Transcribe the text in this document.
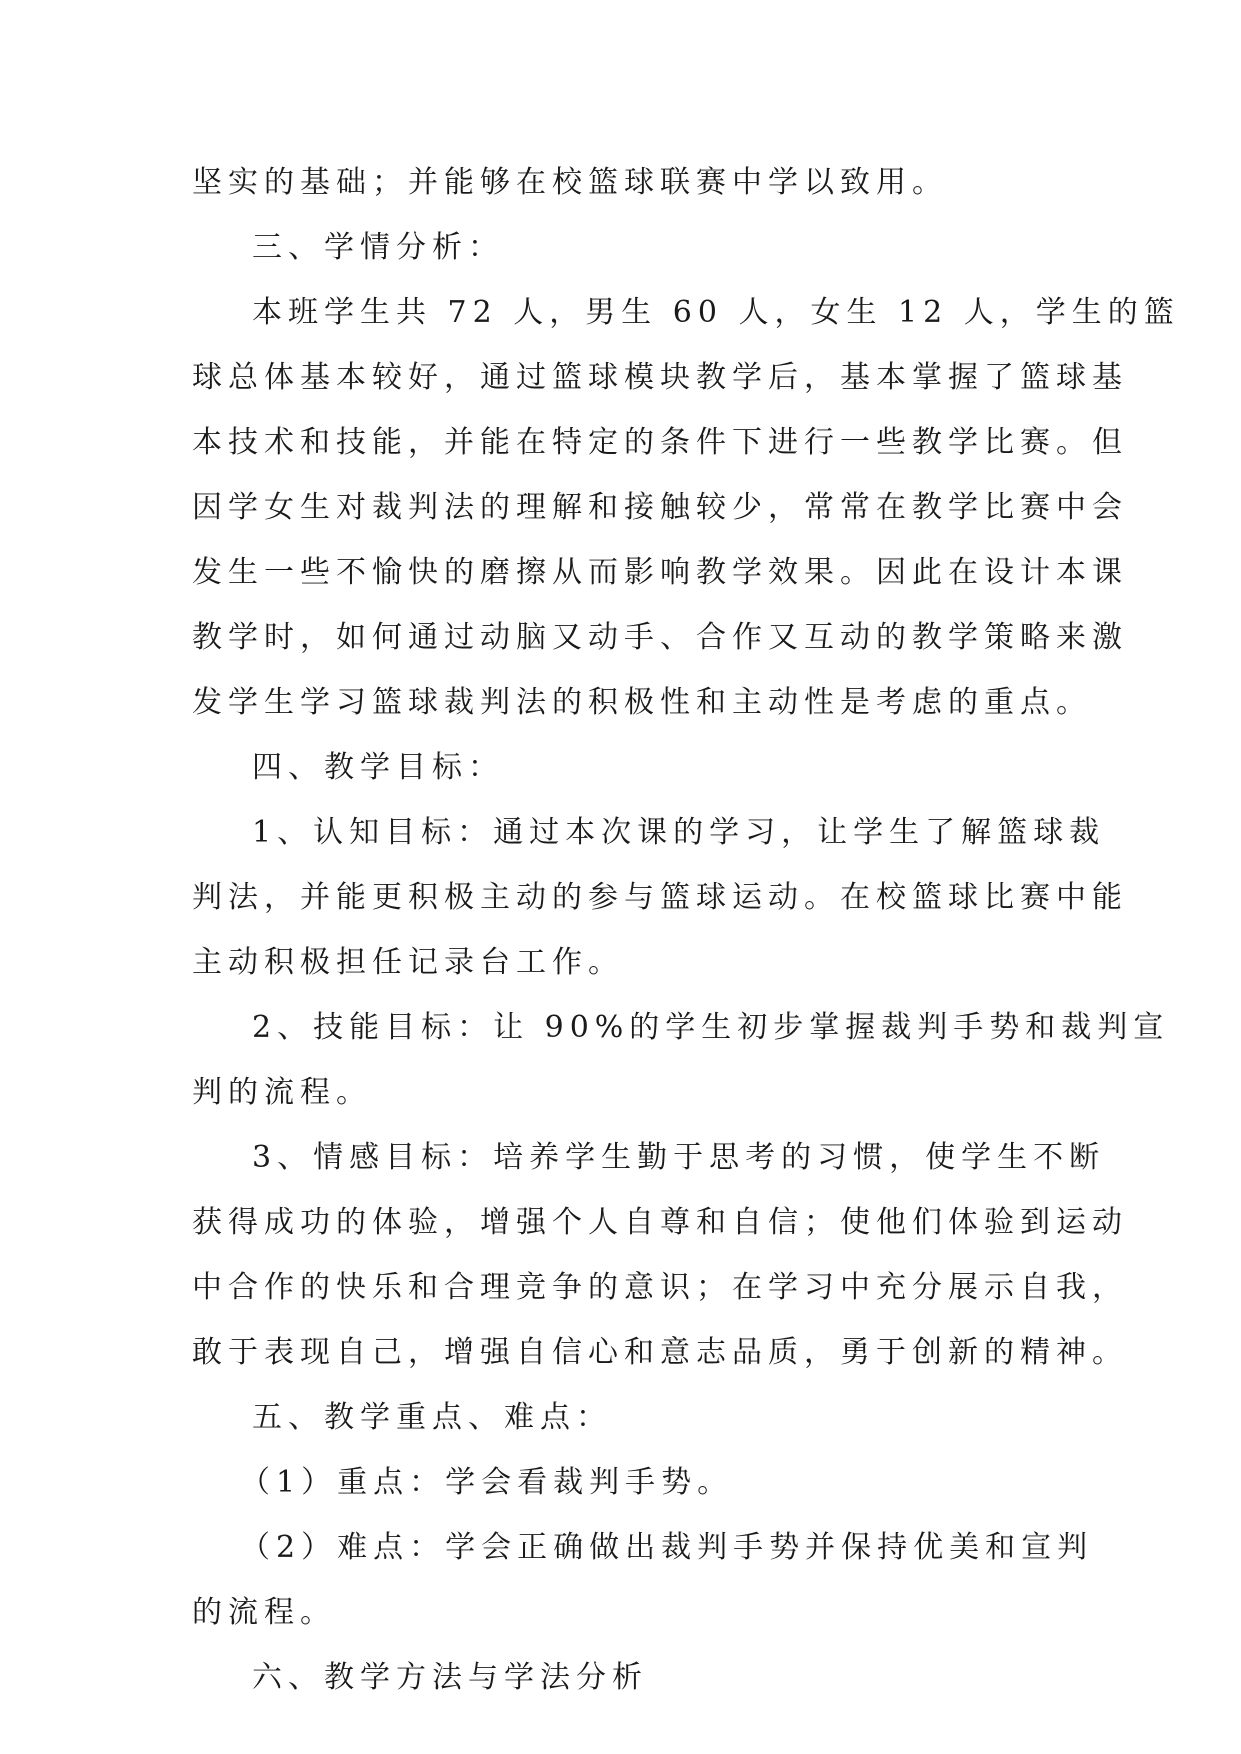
坚实的基础；并能够在校篮球联赛中学以致用。
三、学情分析：
本班学生共 72 人，男生 60 人，女生 12 人，学生的篮
球总体基本较好，通过篮球模块教学后，基本掌握了篮球基
本技术和技能，并能在特定的条件下进行一些教学比赛。但
因学女生对裁判法的理解和接触较少，常常在教学比赛中会
发生一些不愉快的磨擦从而影响教学效果。因此在设计本课
教学时，如何通过动脑又动手、合作又互动的教学策略来激
发学生学习篮球裁判法的积极性和主动性是考虑的重点。
四、教学目标：
1、认知目标：通过本次课的学习，让学生了解篮球裁
判法，并能更积极主动的参与篮球运动。在校篮球比赛中能
主动积极担任记录台工作。
2、技能目标：让 90%的学生初步掌握裁判手势和裁判宣
判的流程。
3、情感目标：培养学生勤于思考的习惯，使学生不断
获得成功的体验，增强个人自尊和自信；使他们体验到运动
中合作的快乐和合理竞争的意识；在学习中充分展示自我，
敢于表现自己，增强自信心和意志品质，勇于创新的精神。
五、教学重点、难点：
（1）重点：学会看裁判手势。
（2）难点：学会正确做出裁判手势并保持优美和宣判
的流程。
六、教学方法与学法分析
